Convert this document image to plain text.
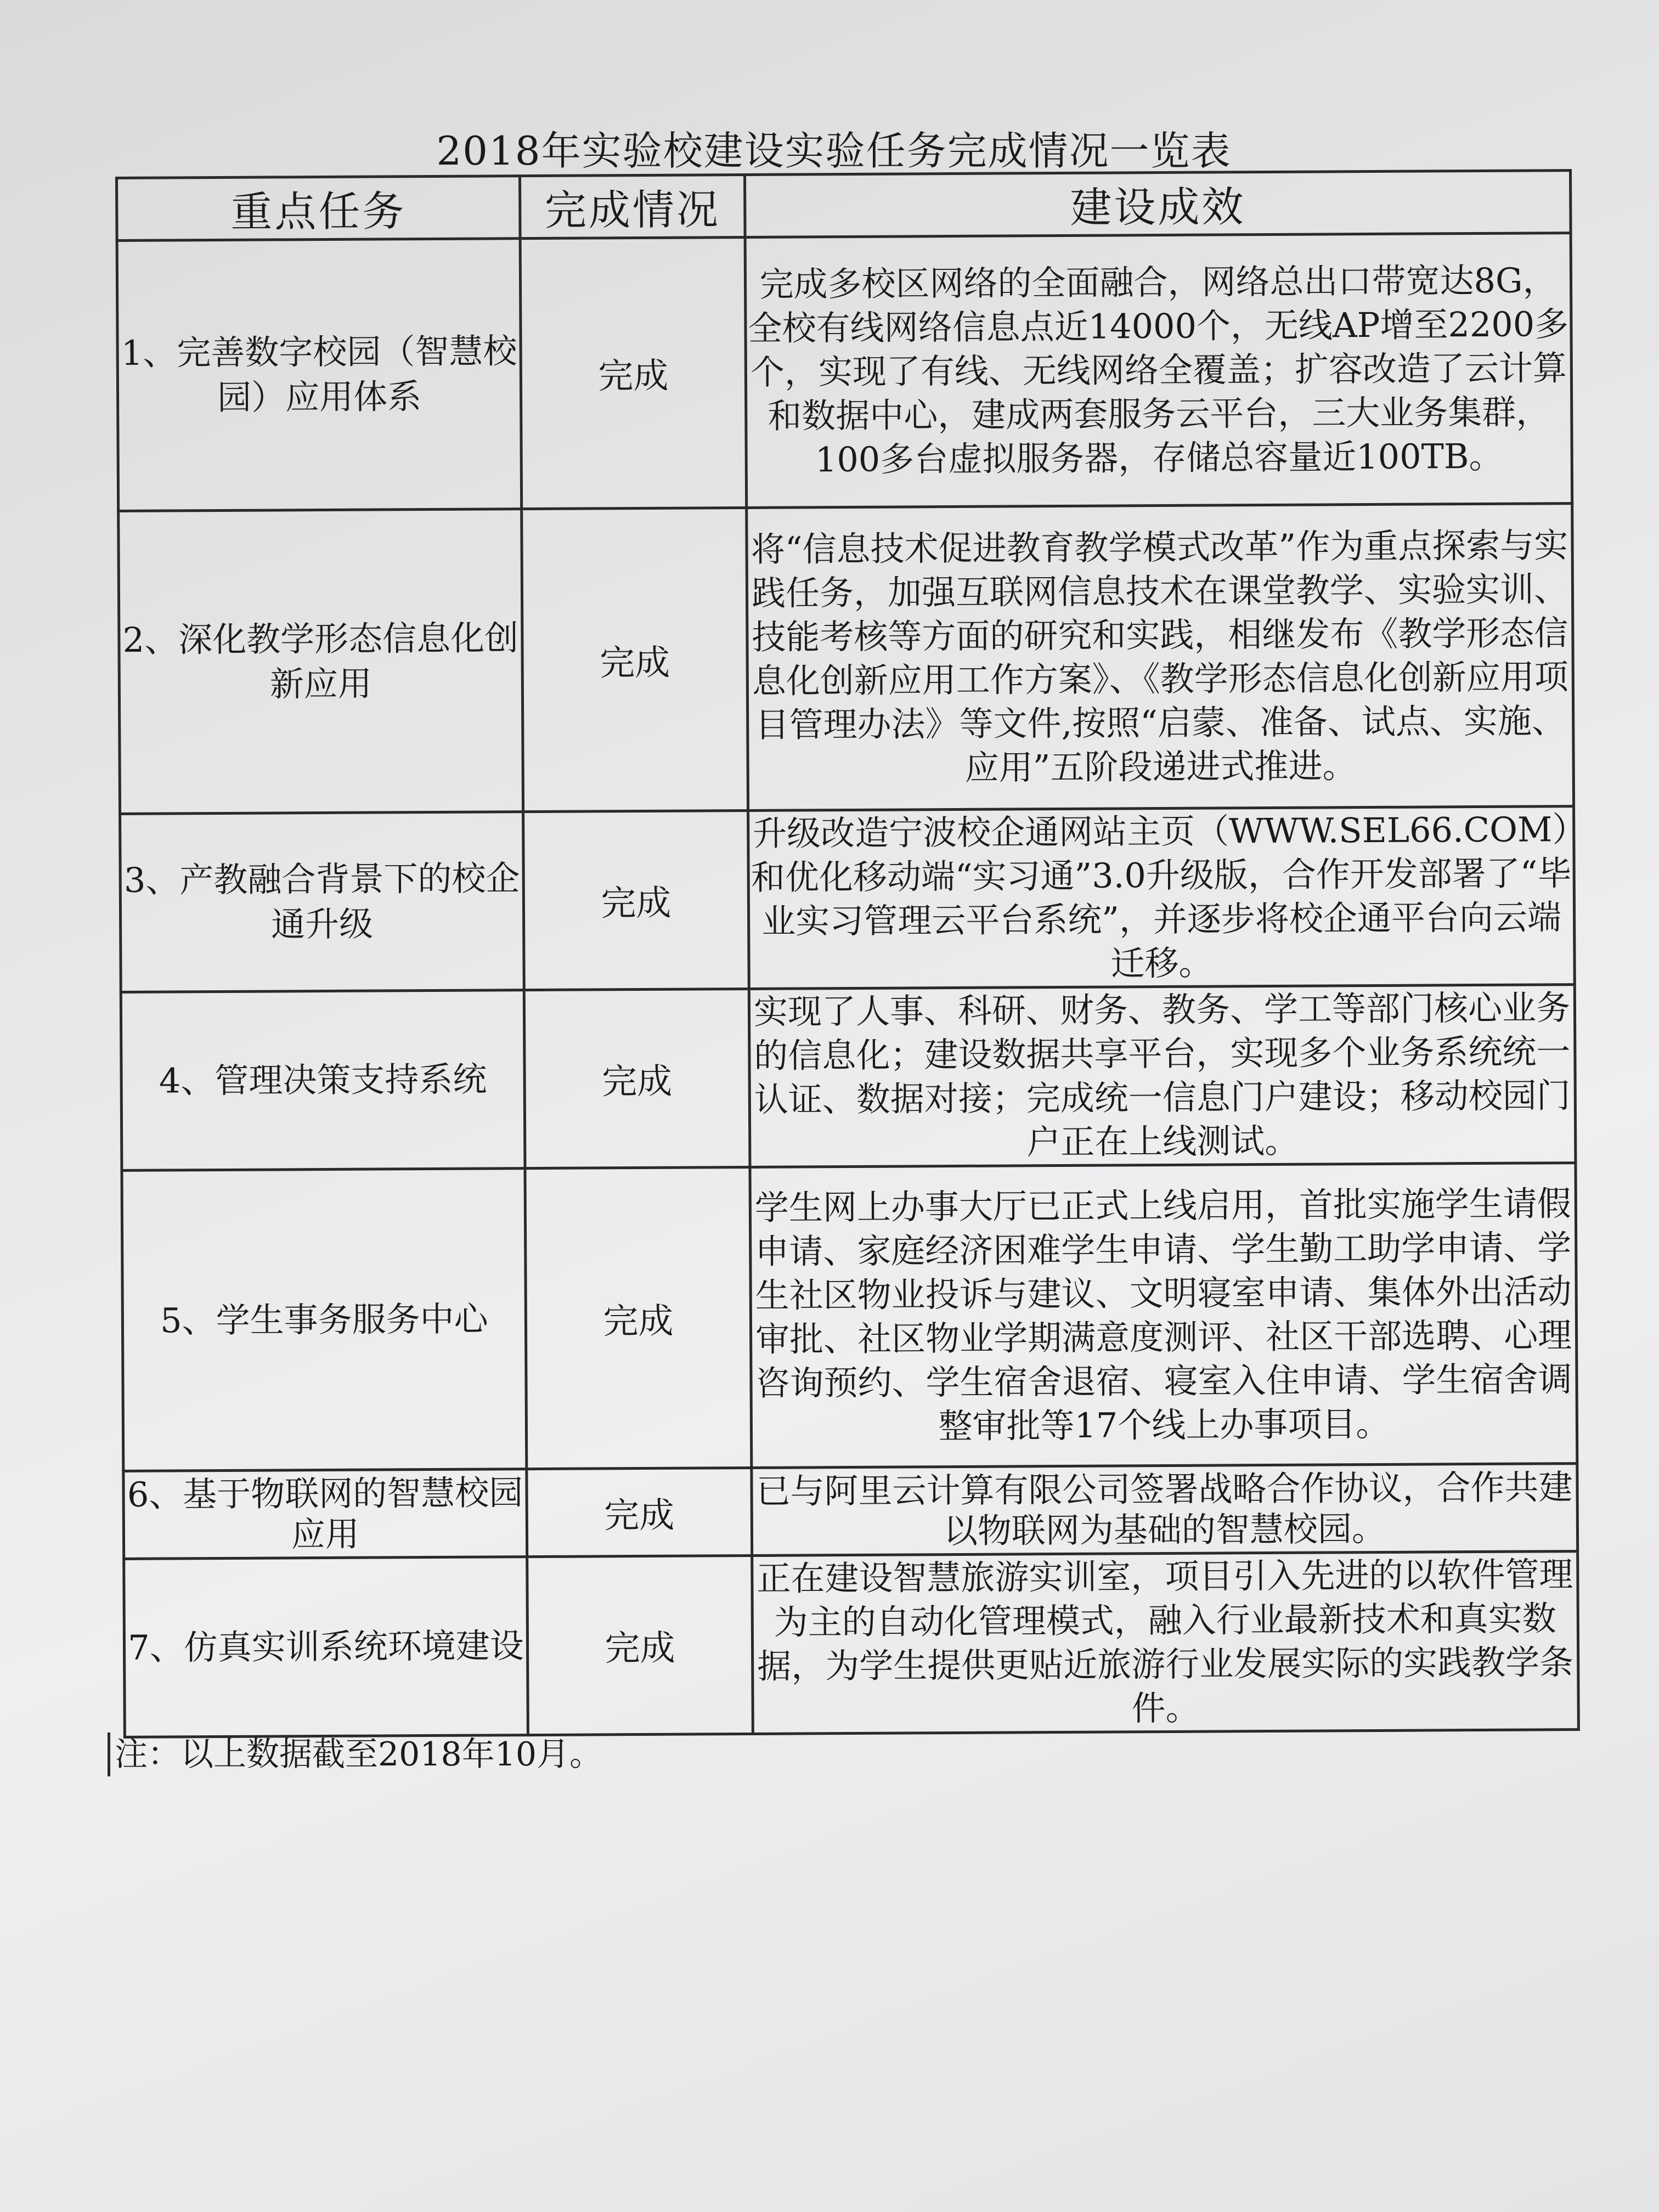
2018年实验校建设实验任务完成情况一览表
重点任务	完成情况	建设成效
1、完善数字校园（智慧校园）应用体系	完成	完成多校区网络的全面融合，网络总出口带宽达8G，全校有线网络信息点近14000个，无线AP增至2200多个，实现了有线、无线网络全覆盖；扩容改造了云计算和数据中心，建成两套服务云平台，三大业务集群，100多台虚拟服务器，存储总容量近100TB。
2、深化教学形态信息化创新应用	完成	将“信息技术促进教育教学模式改革”作为重点探索与实践任务，加强互联网信息技术在课堂教学、实验实训、技能考核等方面的研究和实践，相继发布《教学形态信息化创新应用工作方案》、《教学形态信息化创新应用项目管理办法》等文件,按照“启蒙、准备、试点、实施、应用”五阶段递进式推进。
3、产教融合背景下的校企通升级	完成	升级改造宁波校企通网站主页（WWW.SEL66.COM）和优化移动端“实习通”3.0升级版，合作开发部署了“毕业实习管理云平台系统”，并逐步将校企通平台向云端迁移。
4、管理决策支持系统	完成	实现了人事、科研、财务、教务、学工等部门核心业务的信息化；建设数据共享平台，实现多个业务系统统一认证、数据对接；完成统一信息门户建设；移动校园门户正在上线测试。
5、学生事务服务中心	完成	学生网上办事大厅已正式上线启用，首批实施学生请假申请、家庭经济困难学生申请、学生勤工助学申请、学生社区物业投诉与建议、文明寝室申请、集体外出活动审批、社区物业学期满意度测评、社区干部选聘、心理咨询预约、学生宿舍退宿、寝室入住申请、学生宿舍调整审批等17个线上办事项目。
6、基于物联网的智慧校园应用	完成	已与阿里云计算有限公司签署战略合作协议，合作共建以物联网为基础的智慧校园。
7、仿真实训系统环境建设	完成	正在建设智慧旅游实训室，项目引入先进的以软件管理为主的自动化管理模式，融入行业最新技术和真实数据，为学生提供更贴近旅游行业发展实际的实践教学条件。
注：以上数据截至2018年10月。
